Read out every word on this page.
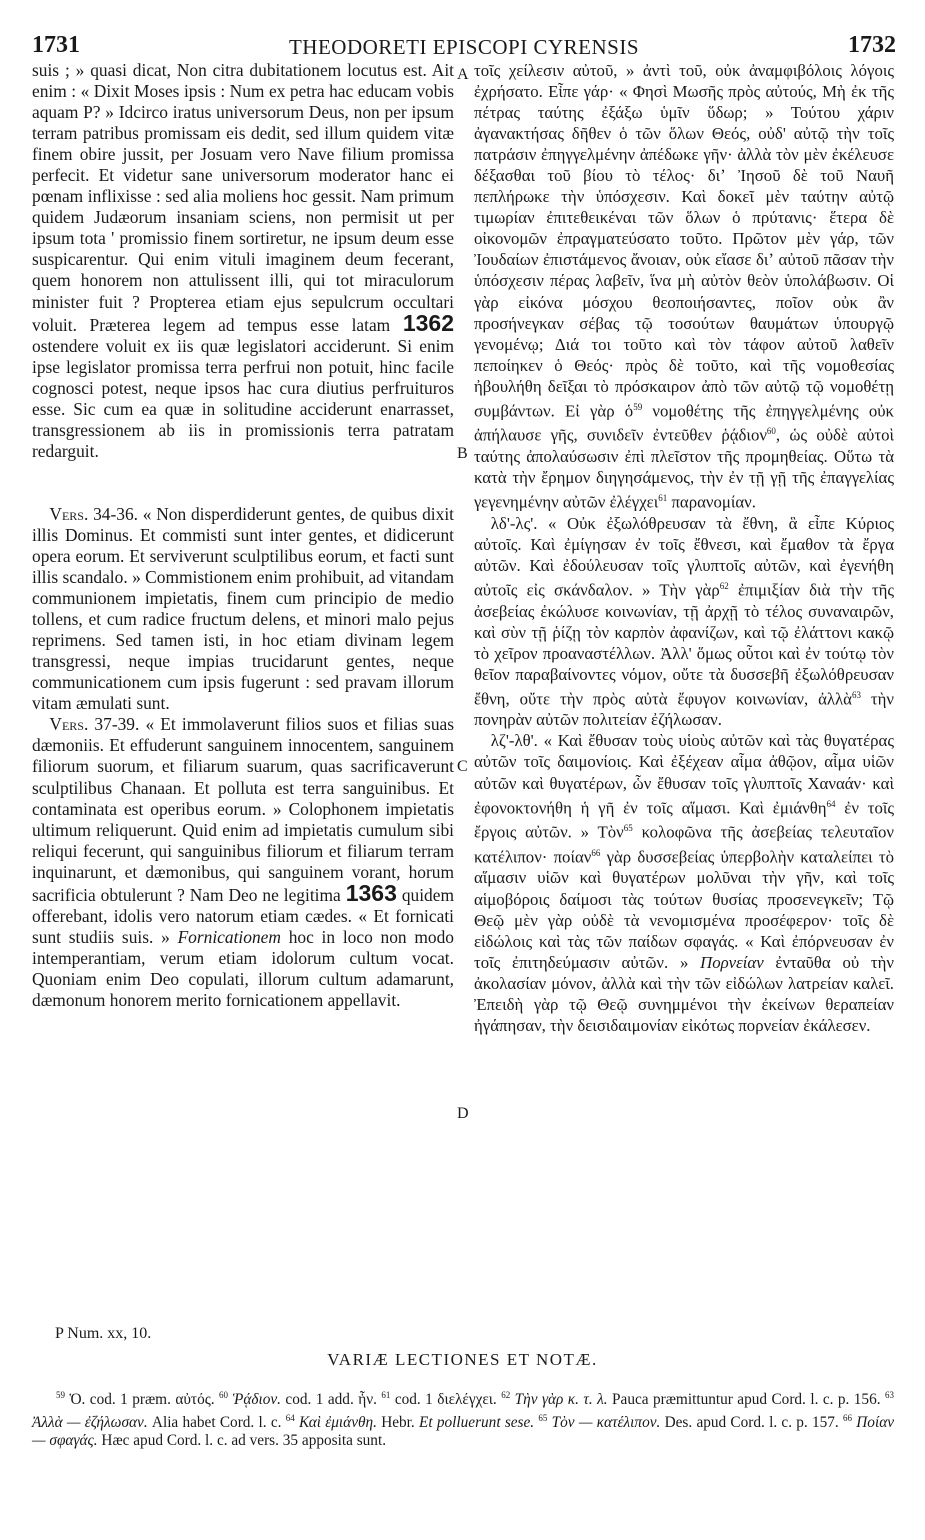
1731	THEODORETI EPISCOPI CYRENSIS	1732

suis ; » quasi dicat, Non citra dubitationem locutus est. Ait enim : « Dixit Moses ipsis : Num ex petra hac educam vobis aquam P? » Idcirco iratus universorum Deus, non per ipsum terram patribus promissam eis dedit, sed illum quidem vitæ finem obire jussit, per Josuam vero Nave filium promissa perfecit. Et videtur sane universorum moderator hanc ei pœnam inflixisse : sed alia moliens hoc gessit. Nam primum quidem Judæorum insaniam sciens, non permisit ut per ipsum tota ' promissio finem sortiretur, ne ipsum deum esse suspicarentur. Qui enim vituli imaginem deum fecerant, quem honorem non attulissent illi, qui tot miraculorum minister fuit ? Propterea etiam ejus sepulcrum occultari voluit. Præterea legem ad tempus esse latam 1362 ostendere voluit ex iis quæ legislatori acciderunt. Si enim ipse legislator promissa terra perfrui non potuit, hinc facile cognosci potest, neque ipsos hac cura diutius perfruituros esse. Sic cum ea quæ in solitudine acciderunt enarrasset, transgressionem ab iis in promissionis terra patratam redarguit.

 Vers. 34-36. « Non disperdiderunt gentes, de quibus dixit illis Dominus. Et commisti sunt inter gentes, et didicerunt opera eorum. Et serviverunt sculptilibus eorum, et facti sunt illis scandalo. » Commistionem enim prohibuit, ad vitandam communionem impietatis, finem cum principio de medio tollens, et cum radice fructum delens, et minori malo pejus reprimens. Sed tamen isti, in hoc etiam divinam legem transgressi, neque impias trucidarunt gentes, neque communicationem cum ipsis fugerunt : sed pravam illorum vitam æmulati sunt.

 Vers. 37-39. « Et immolaverunt filios suos et filias suas dæmoniis. Et effuderunt sanguinem innocentem, sanguinem filiorum suorum, et filiarum suarum, quas sacrificaverunt sculptilibus Chanaan. Et polluta est terra sanguinibus. Et contaminata est operibus eorum. » Colophonem impietatis ultimum reliquerunt. Quid enim ad impietatis cumulum sibi reliqui fecerunt, qui sanguinibus filiorum et filiarum terram inquinarunt, et dæmonibus, qui sanguinem vorant, horum sacrificia obtulerunt ? Nam Deo ne legitima 1363 quidem offerebant, idolis vero natorum etiam cædes. « Et fornicati sunt studiis suis. » Fornicationem hoc in loco non modo intemperantiam, verum etiam idolorum cultum vocat. Quoniam enim Deo copulati, illorum cultum adamarunt, dæmonum honorem merito fornicationem appellavit.

A
B
C
D

τοῖς χείλεσιν αὐτοῦ, » ἀντὶ τοῦ, οὐκ ἀναμφιβόλοις λόγοις ἐχρήσατο. Εἶπε γάρ· « Φησὶ Μωσῆς πρὸς αὐτούς, Μὴ ἐκ τῆς πέτρας ταύτης ἐξάξω ὑμῖν ὕδωρ; » Τούτου χάριν ἀγανακτήσας δῆθεν ὁ τῶν ὅλων Θεός, οὐδ' αὐτῷ τὴν τοῖς πατράσιν ἐπηγγελμένην ἀπέδωκε γῆν· ἀλλὰ τὸν μὲν ἐκέλευσε δέξασθαι τοῦ βίου τὸ τέλος· διʼ Ἰησοῦ δὲ τοῦ Ναυῆ πεπλήρωκε τὴν ὑπόσχεσιν. Καὶ δοκεῖ μὲν ταύτην αὐτῷ τιμωρίαν ἐπιτεθεικέναι τῶν ὅλων ὁ πρύτανις· ἕτερα δὲ οἰκονομῶν ἐπραγματεύσατο τοῦτο. Πρῶτον μὲν γάρ, τῶν Ἰουδαίων ἐπιστάμενος ἄνοιαν, οὐκ εἴασε διʼ αὐτοῦ πᾶσαν τὴν ὑπόσχεσιν πέρας λαβεῖν, ἵνα μὴ αὐτὸν θεὸν ὑπολάβωσιν. Οἱ γὰρ εἰκόνα μόσχου θεοποιήσαντες, ποῖον οὐκ ἂν προσήνεγκαν σέβας τῷ τοσούτων θαυμάτων ὑπουργῷ γενομένῳ; Διά τοι τοῦτο καὶ τὸν τάφον αὐτοῦ λαθεῖν πεποίηκεν ὁ Θεός· πρὸς δὲ τοῦτο, καὶ τῆς νομοθεσίας ἠβουλήθη δεῖξαι τὸ πρόσκαιρον ἀπὸ τῶν αὐτῷ τῷ νομοθέτῃ συμβάντων. Εἰ γὰρ ὁ$^{59}$ νομοθέτης τῆς ἐπηγγελμένης οὐκ ἀπήλαυσε γῆς, συνιδεῖν ἐντεῦθεν ῥᾴδιον$^{60}$, ὡς οὐδὲ αὐτοὶ ταύτης ἀπολαύσωσιν ἐπὶ πλεῖστον τῆς προμηθείας. Οὕτω τὰ κατὰ τὴν ἔρημον διηγησάμενος, τὴν ἐν τῇ γῇ τῆς ἐπαγγελίας γεγενημένην αὐτῶν ἐλέγχει$^{61}$ παρανομίαν.

 λδ'-λς'. « Οὐκ ἐξωλόθρευσαν τὰ ἔθνη, ἃ εἶπε Κύριος αὐτοῖς. Καὶ ἐμίγησαν ἐν τοῖς ἔθνεσι, καὶ ἔμαθον τὰ ἔργα αὐτῶν. Καὶ ἐδούλευσαν τοῖς γλυπτοῖς αὐτῶν, καὶ ἐγενήθη αὐτοῖς εἰς σκάνδαλον. » Τὴν γὰρ$^{62}$ ἐπιμιξίαν διὰ τὴν τῆς ἀσεβείας ἐκώλυσε κοινωνίαν, τῇ ἀρχῇ τὸ τέλος συναναιρῶν, καὶ σὺν τῇ ῥίζῃ τὸν καρπὸν ἀφανίζων, καὶ τῷ ἐλάττονι κακῷ τὸ χεῖρον προαναστέλλων. Ἀλλ' ὅμως οὗτοι καὶ ἐν τούτῳ τὸν θεῖον παραβαίνοντες νόμον, οὔτε τὰ δυσσεβῆ ἐξωλόθρευσαν ἔθνη, οὔτε τὴν πρὸς αὐτὰ ἔφυγον κοινωνίαν, ἀλλὰ$^{63}$ τὴν πονηρὰν αὐτῶν πολιτείαν ἐζήλωσαν.

 λζ'-λθ'. « Καὶ ἔθυσαν τοὺς υἱοὺς αὐτῶν καὶ τὰς θυγατέρας αὐτῶν τοῖς δαιμονίοις. Καὶ ἐξέχεαν αἷμα ἀθῷον, αἷμα υἱῶν αὐτῶν καὶ θυγατέρων, ὧν ἔθυσαν τοῖς γλυπτοῖς Χαναάν· καὶ ἐφονοκτονήθη ἡ γῆ ἐν τοῖς αἵμασι. Καὶ ἐμιάνθη$^{64}$ ἐν τοῖς ἔργοις αὐτῶν. » Τὸν$^{65}$ κολοφῶνα τῆς ἀσεβείας τελευταῖον κατέλιπον· ποίαν$^{66}$ γὰρ δυσσεβείας ὑπερβολὴν καταλείπει τὸ αἵμασιν υἱῶν καὶ θυγατέρων μολῦναι τὴν γῆν, καὶ τοῖς αἱμοβόροις δαίμοσι τὰς τούτων θυσίας προσενεγκεῖν; Τῷ Θεῷ μὲν γὰρ οὐδὲ τὰ νενομισμένα προσέφερον· τοῖς δὲ εἰδώλοις καὶ τὰς τῶν παίδων σφαγάς. « Καὶ ἐπόρνευσαν ἐν τοῖς ἐπιτηδεύμασιν αὐτῶν. » Πορνείαν ἐνταῦθα οὐ τὴν ἀκολασίαν μόνον, ἀλλὰ καὶ τὴν τῶν εἰδώλων λατρείαν καλεῖ. Ἐπειδὴ γὰρ τῷ Θεῷ συνημμένοι τὴν ἐκείνων θεραπείαν ἠγάπησαν, τὴν δεισιδαιμονίαν εἰκότως πορνείαν ἐκάλεσεν.

P Num. xx, 10.
VARIÆ LECTIONES ET NOTÆ.

$^{59}$ Ὁ. cod. 1 præm. αὐτός. $^{60}$ Ῥᾴδιον. cod. 1 add. ἦν. $^{61}$ cod. 1 διελέγχει. $^{62}$ Τὴν γὰρ κ. τ. λ. Pauca præmittuntur apud Cord. l. c. p. 156. $^{63}$ Ἀλλὰ — ἐζήλωσαν. Alia habet Cord. l. c. $^{64}$ Καὶ ἐμιάνθη. Hebr. Et polluerunt sese. $^{65}$ Τὸν — κατέλιπον. Des. apud Cord. l. c. p. 157. $^{66}$ Ποίαν — σφαγάς. Hæc apud Cord. l. c. ad vers. 35 apposita sunt.
